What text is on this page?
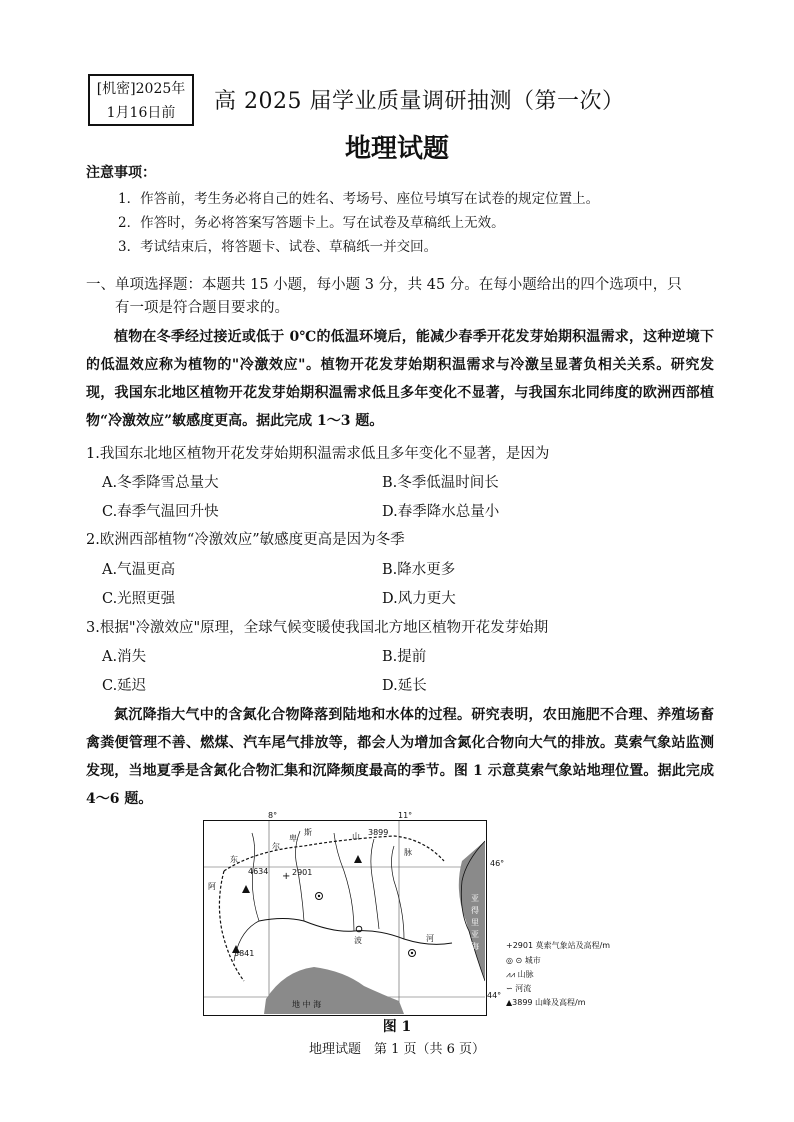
[机密]2025年
1月16日前	高 2025 届学业质量调研抽测（第一次）
地理试题
注意事项：
1．作答前，考生务必将自己的姓名、考场号、座位号填写在试卷的规定位置上。
2．作答时，务必将答案写答题卡上。写在试卷及草稿纸上无效。
3．考试结束后，将答题卡、试卷、草稿纸一并交回。
一、单项选择题：本题共 15 小题，每小题 3 分，共 45 分。在每小题给出的四个选项中，只
有一项是符合题目要求的。
植物在冬季经过接近或低于 0℃的低温环境后，能减少春季开花发芽始期积温需求，这种逆境下的低温效应称为植物的"冷激效应"。植物开花发芽始期积温需求与冷激呈显著负相关关系。研究发现，我国东北地区植物开花发芽始期积温需求低且多年变化不显著，与我国东北同纬度的欧洲西部植物“冷激效应”敏感度更高。据此完成 1～3 题。
1.我国东北地区植物开花发芽始期积温需求低且多年变化不显著，是因为
A.冬季降雪总量大	B.冬季低温时间长
C.春季气温回升快	D.春季降水总量小
2.欧洲西部植物“冷激效应”敏感度更高是因为冬季
A.气温更高	B.降水更多
C.光照更强	D.风力更大
3.根据"冷激效应"原理，全球气候变暖使我国北方地区植物开花发芽始期
A.消失	B.提前
C.延迟	D.延长
氮沉降指大气中的含氮化合物降落到陆地和水体的过程。研究表明，农田施肥不合理、养殖场畜禽粪便管理不善、燃煤、汽车尾气排放等，都会人为增加含氮化合物向大气的排放。莫索气象站监测发现，当地夏季是含氮化合物汇集和沉降频度最高的季节。图 1 示意莫索气象站地理位置。据此完成 4～6 题。
8°	11°
46°
44°
+
4634
3841
3899
2901
东
阿
尔
卑
斯	山
脉
波	河
地 中 海
亚 得 里 亚 海	+2901 莫索气象站及高程/m
◎ ⊙ 城市
⩘⩘ 山脉
∽ 河流
▲3899 山峰及高程/m
图 1
地理试题　第 1 页（共 6 页）
